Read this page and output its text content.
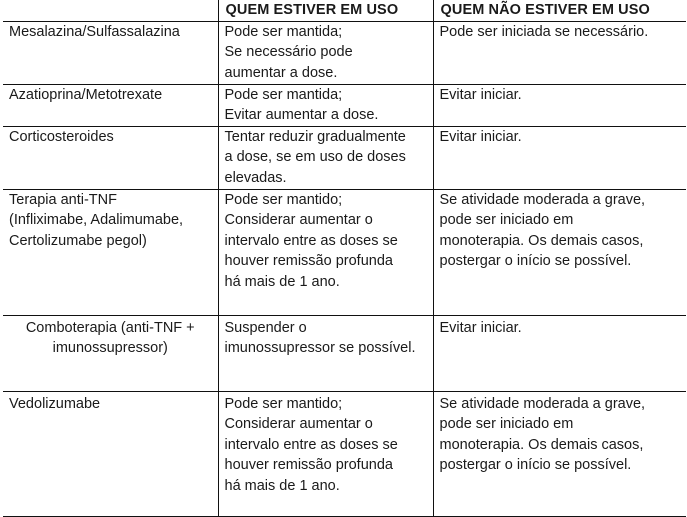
	QUEM ESTIVER EM USO	QUEM NÃO ESTIVER EM USO

Mesalazina/Sulfassalazina	Pode ser mantida;
Se necessário pode
aumentar a dose.	Pode ser iniciada se necessário.

Azatioprina/Metotrexate	Pode ser mantida;
Evitar aumentar a dose.	Evitar iniciar.

Corticosteroides	Tentar reduzir gradualmente
a dose, se em uso de doses
elevadas.	Evitar iniciar.

Terapia anti-TNF
(Infliximabe, Adalimumabe,
Certolizumabe pegol)	Pode ser mantido;
Considerar aumentar o
intervalo entre as doses se
houver remissão profunda
há mais de 1 ano.	Se atividade moderada a grave,
pode ser iniciado em
monoterapia. Os demais casos,
postergar o início se possível.

Comboterapia (anti-TNF +
imunossupressor)	Suspender o
imunossupressor se possível.	Evitar iniciar.

Vedolizumabe	Pode ser mantido;
Considerar aumentar o
intervalo entre as doses se
houver remissão profunda
há mais de 1 ano.	Se atividade moderada a grave,
pode ser iniciado em
monoterapia. Os demais casos,
postergar o início se possível.
